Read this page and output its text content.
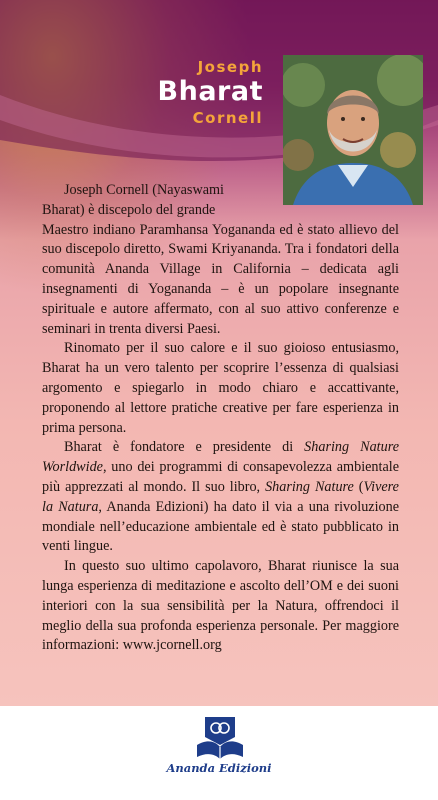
Joseph
Bharat
Cornell

Joseph Cornell (Nayaswami
Bharat) è discepolo del grande
Maestro indiano Paramhansa Yogananda ed è stato allievo del suo discepolo diretto, Swami Kriyananda. Tra i fondatori della comunità Ananda Village in California – dedicata agli insegnamenti di Yogananda – è un popolare insegnante spirituale e autore affermato, con al suo attivo conferenze e seminari in trenta diversi Paesi.

Rinomato per il suo calore e il suo gioioso entusiasmo, Bharat ha un vero talento per scoprire l’essenza di qualsiasi argomento e spiegarlo in modo chiaro e accattivante, proponendo al lettore pratiche creative per fare esperienza in prima persona.

Bharat è fondatore e presidente di Sharing Nature Worldwide, uno dei programmi di consapevolezza ambientale più apprezzati al mondo. Il suo libro, Sharing Nature (Vivere la Natura, Ananda Edizioni) ha dato il via a una rivoluzione mondiale nell’educazione ambientale ed è stato pubblicato in venti lingue.

In questo suo ultimo capolavoro, Bharat riunisce la sua lunga esperienza di meditazione e ascolto dell’OM e dei suoni interiori con la sua sensibilità per la Natura, offrendoci il meglio della sua profonda esperienza personale. Per maggiore informazioni: www.jcornell.org

Ananda Edizioni
